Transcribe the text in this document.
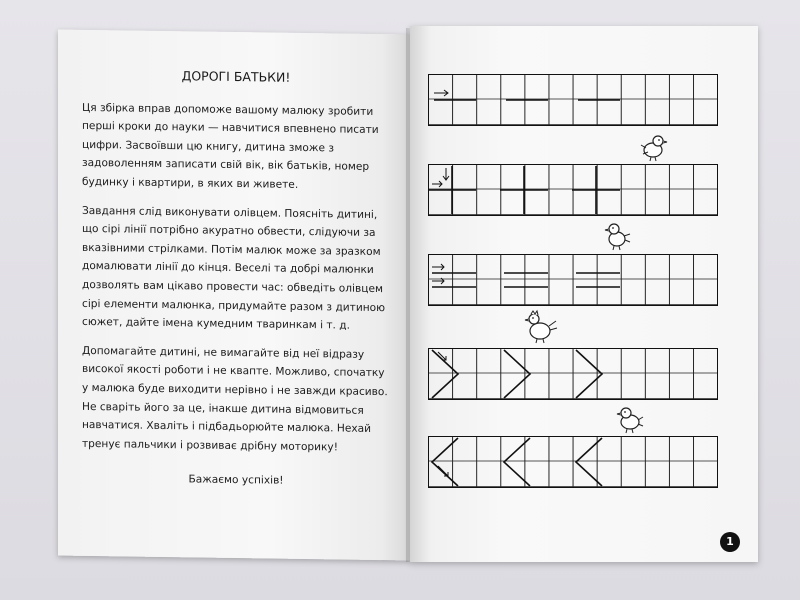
ДОРОГІ БАТЬКИ!

Ця збірка вправ допоможе вашому малюку зробити перші кроки до науки — навчитися впевнено писати цифри. Засвоївши цю книгу, дитина зможе з задоволенням записати свій вік, вік батьків, номер будинку і квартири, в яких ви живете.

Завдання слід виконувати олівцем. Поясніть дитині, що сірі лінії потрібно акуратно обвести, слідуючи за вказівними стрілками. Потім малюк може за зразком домалювати лінії до кінця. Веселі та добрі малюнки дозволять вам цікаво провести час: обведіть олівцем сірі елементи малюнка, придумайте разом з дитиною сюжет, дайте імена кумедним тваринкам і т. д.

Допомагайте дитині, не вимагайте від неї відразу високої якості роботи і не квапте. Можливо, спочатку у малюка буде виходити нерівно і не завжди красиво. Не сваріть його за це, інакше дитина відмовиться навчатися. Хваліть і підбадьорюйте малюка. Нехай тренує пальчики і розвиває дрібну моторику!

Бажаємо успіхів!
1
